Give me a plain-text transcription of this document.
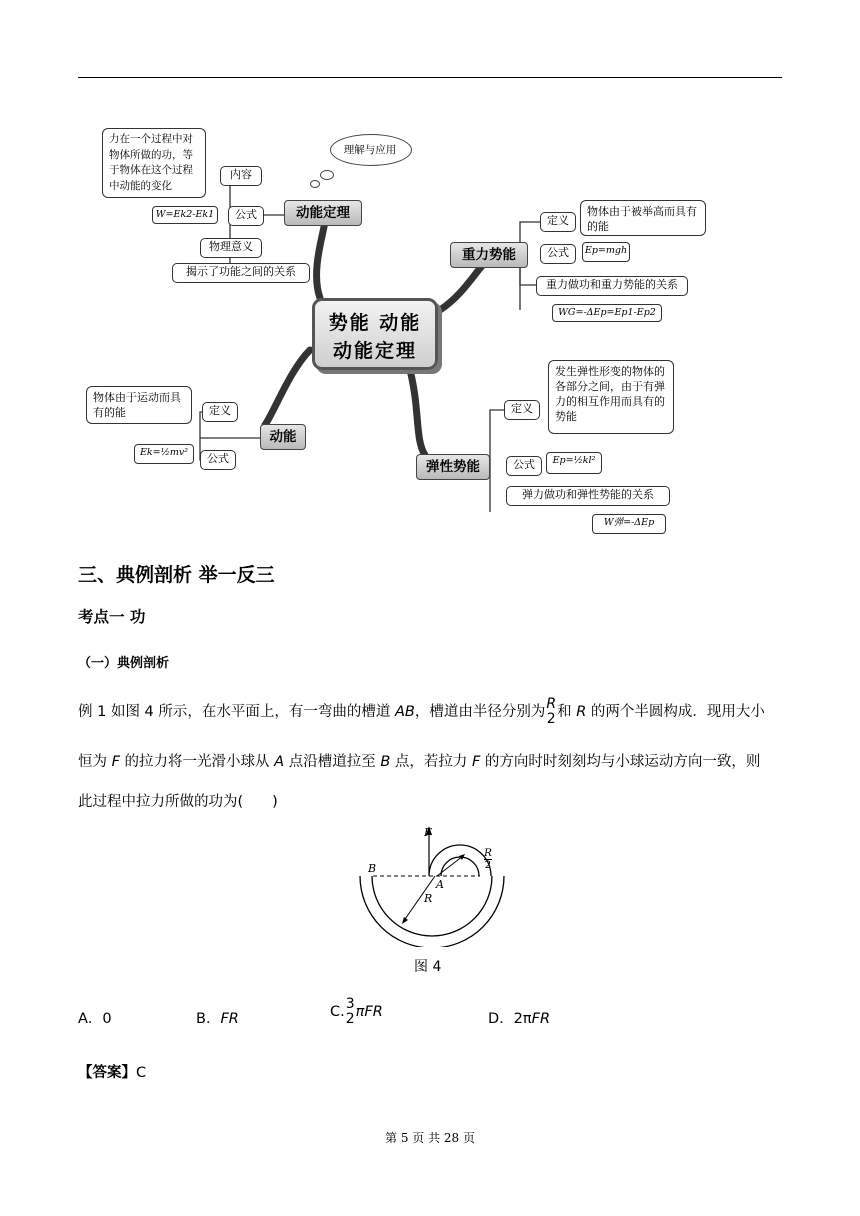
理解与应用
力在一个过程中对物体所做的功，等于物体在这个过程中动能的变化
内容
W=Ek2-Ek1	公式
物理意义
揭示了功能之间的关系
动能定理
重力势能
定义
物体由于被举高而具有的能
公式	Ep=mgh
重力做功和重力势能的关系
WG=-ΔEp=Ep1-Ep2
势能 动能
动能定理
物体由于运动而具有的能	定义
Ek=½mv²	公式
动能
弹性势能
定义
发生弹性形变的物体的各部分之间，由于有弹力的相互作用而具有的势能
公式	Ep=½kl²
弹力做功和弹性势能的关系
W弹=-ΔEp
三、典例剖析 举一反三
考点一 功
（一）典例剖析
例 1 如图 4 所示，在水平面上，有一弯曲的槽道 AB，槽道由半径分别为 R
2 和 R 的两个半圆构成．现用大小
恒为 F 的拉力将一光滑小球从 A 点沿槽道拉至 B 点，若拉力 F 的方向时时刻刻均与小球运动方向一致，则
此过程中拉力所做的功为(　　)
F
B
A
R
$\frac{R}{2}$
图 4
A．0	B．FR	C. 3
2 πFR	D．2πFR
【答案】C
第 5 页 共 28 页
